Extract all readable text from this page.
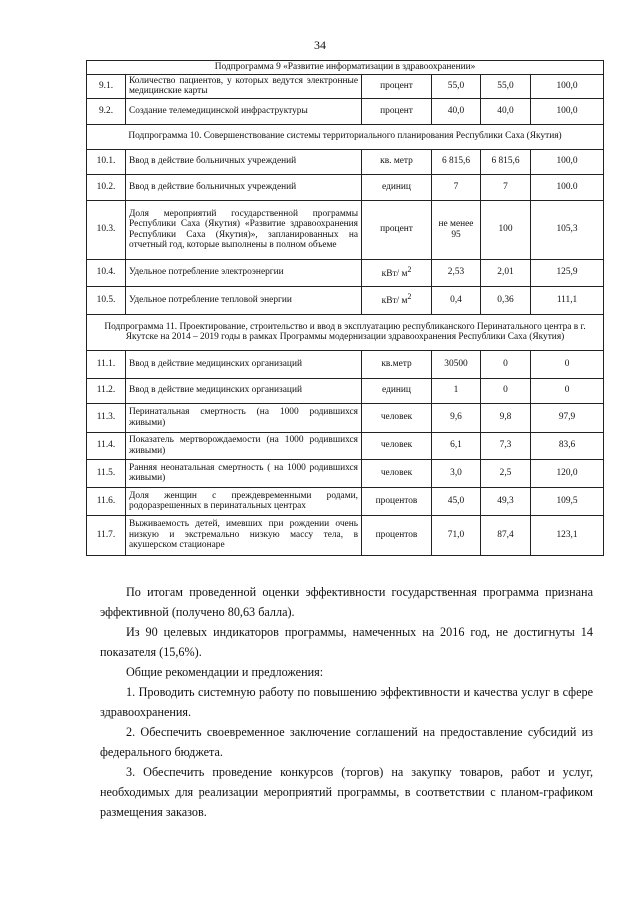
34
Подпрограмма 9 «Развитие информатизации в здравоохранении»					
9.1.	Количество пациентов, у которых ведутся электронные медицинские карты	процент	55,0	55,0	100,0
9.2.	Создание телемедицинской инфраструктуры	процент	40,0	40,0	100,0
Подпрограмма 10. Совершенствование системы территориального планирования Республики Саха (Якутия)					
10.1.	Ввод в действие больничных учреждений	кв. метр	6 815,6	6 815,6	100,0
10.2.	Ввод в действие больничных учреждений	единиц	7	7	100.0
10.3.	Доля мероприятий государственной программы Республики Саха (Якутия) «Развитие здравоохранения Республики Саха (Якутия)», запланированных на отчетный год, которые выполнены в полном объеме	процент	не менее 95	100	105,3
10.4.	Удельное потребление электроэнергии	кВт/ $м^2$	2,53	2,01	125,9
10.5.	Удельное потребление тепловой энергии	кВт/ $м^2$	0,4	0,36	111,1
Подпрограмма 11. Проектирование, строительство и ввод в эксплуатацию республиканского Перинатального центра в г. Якутске на 2014 – 2019 годы в рамках Программы модернизации здравоохранения Республики Саха (Якутия)					
11.1.	Ввод в действие медицинских организаций	кв.метр	30500	0	0
11.2.	Ввод в действие медицинских организаций	единиц	1	0	0
11.3.	Перинатальная смертность (на 1000 родившихся живыми)	человек	9,6	9,8	97,9
11.4.	Показатель мертворождаемости (на 1000 родившихся живыми)	человек	6,1	7,3	83,6
11.5.	Ранняя неонатальная смертность ( на 1000 родившихся живыми)	человек	3,0	2,5	120,0
11.6.	Доля женщин с преждевременными родами, родоразрешенных в перинатальных центрах	процентов	45,0	49,3	109,5
11.7.	Выживаемость детей, имевших при рождении очень низкую и экстремально низкую массу тела, в акушерском стационаре	процентов	71,0	87,4	123,1

По итогам проведенной оценки эффективности государственная программа признана эффективной (получено 80,63 балла).

Из 90 целевых индикаторов программы, намеченных на 2016 год, не достигнуты 14 показателя (15,6%).

Общие рекомендации и предложения:

1. Проводить системную работу по повышению эффективности и качества услуг в сфере здравоохранения.

2. Обеспечить своевременное заключение соглашений на предоставление субсидий из федерального бюджета.

3. Обеспечить проведение конкурсов (торгов) на закупку товаров, работ и услуг, необходимых для реализации мероприятий программы, в соответствии с планом-графиком размещения заказов.
